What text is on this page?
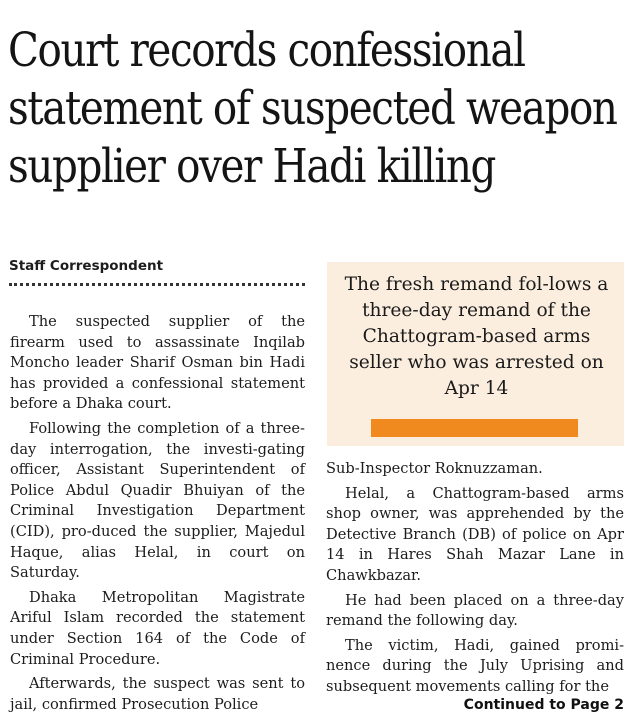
Court records confessional
statement of suspected weapon
supplier over Hadi killing
Staff Correspondent

The suspected supplier of the firearm used to assassinate Inqilab Moncho leader Sharif Osman bin Hadi has provided a confessional statement before a Dhaka court.

Following the completion of a three-day interrogation, the investi-gating officer, Assistant Superintendent of Police Abdul Quadir Bhuiyan of the Criminal Investigation Department (CID), pro-duced the supplier, Majedul Haque, alias Helal, in court on Saturday.

Dhaka Metropolitan Magistrate Ariful Islam recorded the statement under Section 164 of the Code of Criminal Procedure.

Afterwards, the suspect was sent to jail, confirmed Prosecution Police

The fresh remand fol-lows a three-day remand of the Chattogram-based arms seller who was arrested on Apr 14

Sub-Inspector Roknuzzaman.

Helal, a Chattogram-based arms shop owner, was apprehended by the Detective Branch (DB) of police on Apr 14 in Hares Shah Mazar Lane in Chawkbazar.

He had been placed on a three-day remand the following day.

The victim, Hadi, gained promi-nence during the July Uprising and subsequent movements calling for the

Continued to Page 2
